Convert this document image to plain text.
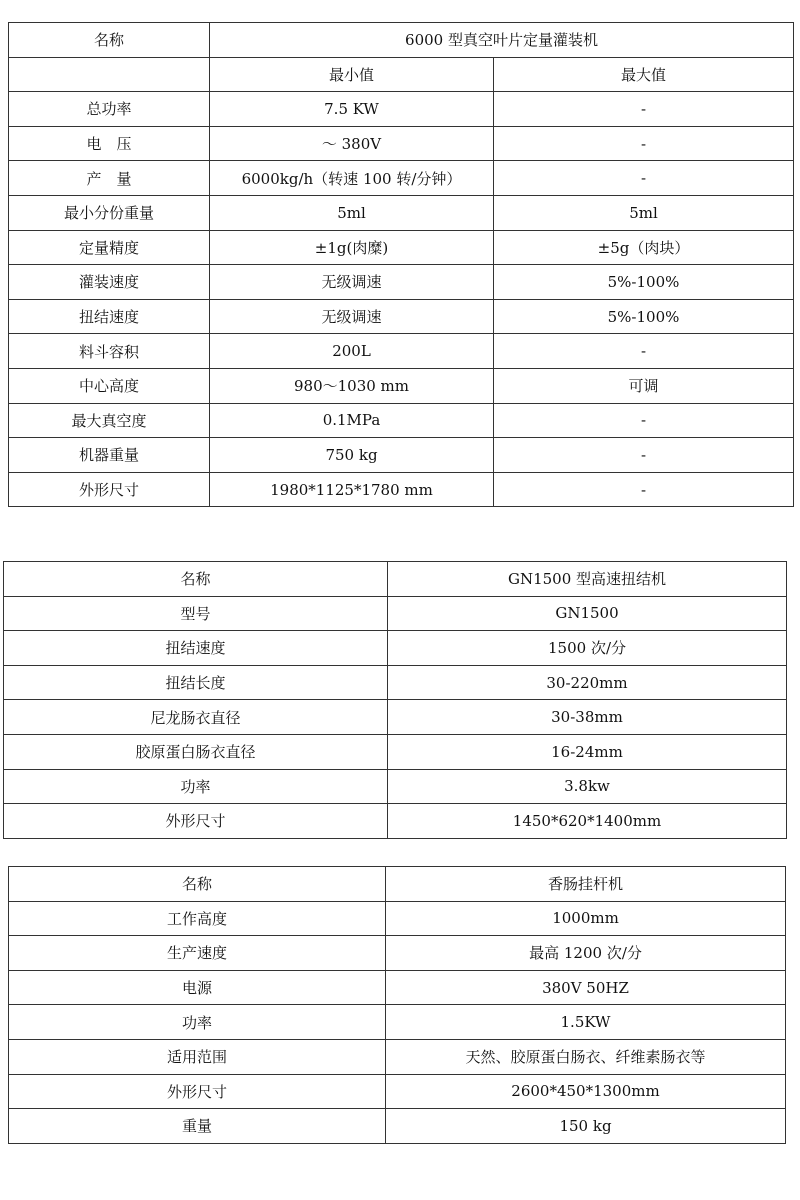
名称	6000 型真空叶片定量灌装机	
	最小值	最大值
总功率	7.5 KW	-
电　压	～ 380V	-
产　量	6000kg/h（转速 100 转/分钟）	-
最小分份重量	5ml	5ml
定量精度	±1g(肉糜)	±5g（肉块）
灌装速度	无级调速	5%-100%
扭结速度	无级调速	5%-100%
料斗容积	200L	-
中心高度	980～1030 mm	可调
最大真空度	0.1MPa	-
机器重量	750 kg	-
外形尺寸	1980*1125*1780 mm	-
名称	GN1500 型高速扭结机
型号	GN1500
扭结速度	1500 次/分
扭结长度	30-220mm
尼龙肠衣直径	30-38mm
胶原蛋白肠衣直径	16-24mm
功率	3.8kw
外形尺寸	1450*620*1400mm
名称	香肠挂杆机
工作高度	1000mm
生产速度	最高 1200 次/分
电源	380V 50HZ
功率	1.5KW
适用范围	天然、胶原蛋白肠衣、纤维素肠衣等
外形尺寸	2600*450*1300mm
重量	150 kg
